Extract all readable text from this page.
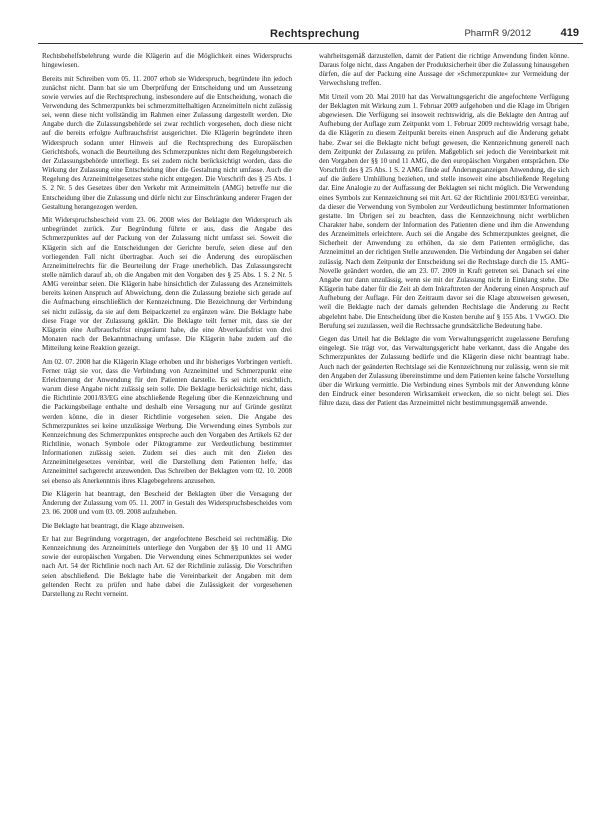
Rechtsprechung	PharmR 9/2012	419

Rechtsbehelfsbelehrung wurde die Klägerin auf die Möglichkeit eines Widerspruchs hingewiesen.

Bereits mit Schreiben vom 05. 11. 2007 erhob sie Widerspruch, begründete ihn jedoch zunächst nicht. Dann bat sie um Überprüfung der Entscheidung und um Aussetzung sowie verwies auf die Rechtsprechung, insbesondere auf die Entscheidung, wonach die Verwendung des Schmerzpunkts bei schmerzmittelhaltigen Arzneimitteln nicht zulässig sei, wenn diese nicht vollständig im Rahmen einer Zulassung dargestellt werden. Die Angabe durch die Zulassungsbehörde sei zwar rechtlich vorgesehen, doch diese nicht auf die bereits erfolgte Aufbrauchsfrist ausgerichtet. Die Klägerin begründete ihren Widerspruch sodann unter Hinweis auf die Rechtsprechung des Europäischen Gerichtshofs, wonach die Beurteilung des Schmerzpunktes nicht dem Regelungsbereich der Zulassungsbehörde unterliegt. Es sei zudem nicht berücksichtigt worden, dass die Wirkung der Zulassung eine Entscheidung über die Gestaltung nicht umfasse. Auch die Regelung des Arzneimittelgesetzes stehe nicht entgegen. Die Vorschrift des § 25 Abs. 1 S. 2 Nr. 5 des Gesetzes über den Verkehr mit Arzneimitteln (AMG) betreffe nur die Entscheidung über die Zulassung und dürfe nicht zur Einschränkung anderer Fragen der Gestaltung herangezogen werden.

Mit Widerspruchsbescheid vom 23. 06. 2008 wies der Beklagte den Widerspruch als unbegründet zurück. Zur Begründung führte er aus, dass die Angabe des Schmerzpunktes auf der Packung von der Zulassung nicht umfasst sei. Soweit die Klägerin sich auf die Entscheidungen der Gerichte berufe, seien diese auf den vorliegenden Fall nicht übertragbar. Auch sei die Änderung des europäischen Arzneimittelrechts für die Beurteilung der Frage unerheblich. Das Zulassungsrecht stelle nämlich darauf ab, ob die Angaben mit den Vorgaben des § 25 Abs. 1 S. 2 Nr. 5 AMG vereinbar seien. Die Klägerin habe hinsichtlich der Zulassung des Arzneimittels bereits keinen Anspruch auf Abweichung, denn die Zulassung beziehe sich gerade auf die Aufmachung einschließlich der Kennzeichnung. Die Bezeichnung der Verbindung sei nicht zulässig, da sie auf dem Beipackzettel zu ergänzen wäre. Die Beklagte habe diese Frage vor der Zulassung geklärt. Die Beklagte teilt ferner mit, dass sie der Klägerin eine Aufbrauchsfrist eingeräumt habe, die eine Abverkaufsfrist von drei Monaten nach der Bekanntmachung umfasse. Die Klägerin habe zudem auf die Mitteilung keine Reaktion gezeigt.

Am 02. 07. 2008 hat die Klägerin Klage erhoben und ihr bisheriges Vorbringen vertieft. Ferner trägt sie vor, dass die Verbindung von Arzneimittel und Schmerzpunkt eine Erleichterung der Anwendung für den Patienten darstelle. Es sei nicht ersichtlich, warum diese Angabe nicht zulässig sein solle. Die Beklagte berücksichtige nicht, dass die Richtlinie 2001/83/EG eine abschließende Regelung über die Kennzeichnung und die Packungsbeilage enthalte und deshalb eine Versagung nur auf Gründe gestützt werden könne, die in dieser Richtlinie vorgesehen seien. Die Angabe des Schmerzpunktes sei keine unzulässige Werbung. Die Verwendung eines Symbols zur Kennzeichnung des Schmerzpunktes entspreche auch den Vorgaben des Artikels 62 der Richtlinie, wonach Symbole oder Piktogramme zur Verdeutlichung bestimmter Informationen zulässig seien. Zudem sei dies auch mit den Zielen des Arzneimittelgesetzes vereinbar, weil die Darstellung dem Patienten helfe, das Arzneimittel sachgerecht anzuwenden. Das Schreiben der Beklagten vom 02. 10. 2008 sei ebenso als Anerkenntnis ihres Klagebegehrens anzusehen.

Die Klägerin hat beantragt, den Bescheid der Beklagten über die Versagung der Änderung der Zulassung vom 05. 11. 2007 in Gestalt des Widerspruchsbescheides vom 23. 06. 2008 und vom 03. 09. 2008 aufzuheben.

Die Beklagte hat beantragt, die Klage abzuweisen.

Er hat zur Begründung vorgetragen, der angefochtene Bescheid sei rechtmäßig. Die Kennzeichnung des Arzneimittels unterliege den Vorgaben der §§ 10 und 11 AMG sowie der europäischen Vorgaben. Die Verwendung eines Schmerzpunktes sei weder nach Art. 54 der Richtlinie noch nach Art. 62 der Richtlinie zulässig. Die Vorschriften seien abschließend. Die Beklagte habe die Vereinbarkeit der Angaben mit dem geltenden Recht zu prüfen und habe dabei die Zulässigkeit der vorgesehenen Darstellung zu Recht verneint.

wahrheitsgemäß darzustellen, damit der Patient die richtige Anwendung finden könne. Daraus folge nicht, dass Angaben der Produktsicherheit über die Zulassung hinausgehen dürfen, die auf der Packung eine Aussage der »Schmerzpunkte« zur Vermeidung der Verwechslung treffen.

Mit Urteil vom 20. Mai 2010 hat das Verwaltungsgericht die angefochtene Verfügung der Beklagten mit Wirkung zum 1. Februar 2009 aufgehoben und die Klage im Übrigen abgewiesen. Die Verfügung sei insoweit rechtswidrig, als die Beklagte den Antrag auf Aufhebung der Auflage zum Zeitpunkt vom 1. Februar 2009 rechtswidrig versagt habe, da die Klägerin zu diesem Zeitpunkt bereits einen Anspruch auf die Änderung gehabt habe. Zwar sei die Beklagte nicht befugt gewesen, die Kennzeichnung generell nach dem Zeitpunkt der Zulassung zu prüfen. Maßgeblich sei jedoch die Vereinbarkeit mit den Vorgaben der §§ 10 und 11 AMG, die den europäischen Vorgaben entsprächen. Die Vorschrift des § 25 Abs. 1 S. 2 AMG finde auf Änderungsanzeigen Anwendung, die sich auf die äußere Umhüllung beziehen, und stelle insoweit eine abschließende Regelung dar. Eine Analogie zu der Auffassung der Beklagten sei nicht möglich. Die Verwendung eines Symbols zur Kennzeichnung sei mit Art. 62 der Richtlinie 2001/83/EG vereinbar, da dieser die Verwendung von Symbolen zur Verdeutlichung bestimmter Informationen gestatte. Im Übrigen sei zu beachten, dass die Kennzeichnung nicht werblichen Charakter habe, sondern der Information des Patienten diene und ihm die Anwendung des Arzneimittels erleichtere. Auch sei die Angabe des Schmerzpunktes geeignet, die Sicherheit der Anwendung zu erhöhen, da sie dem Patienten ermögliche, das Arzneimittel an der richtigen Stelle anzuwenden. Die Verbindung der Angaben sei daher zulässig. Nach dem Zeitpunkt der Entscheidung sei die Rechtslage durch die 15. AMG-Novelle geändert worden, die am 23. 07. 2009 in Kraft getreten sei. Danach sei eine Angabe nur dann unzulässig, wenn sie mit der Zulassung nicht in Einklang stehe. Die Klägerin habe daher für die Zeit ab dem Inkrafttreten der Änderung einen Anspruch auf Aufhebung der Auflage. Für den Zeitraum davor sei die Klage abzuweisen gewesen, weil die Beklagte nach der damals geltenden Rechtslage die Änderung zu Recht abgelehnt habe. Die Entscheidung über die Kosten beruhe auf § 155 Abs. 1 VwGO. Die Berufung sei zuzulassen, weil die Rechtssache grundsätzliche Bedeutung habe.

Gegen das Urteil hat die Beklagte die vom Verwaltungsgericht zugelassene Berufung eingelegt. Sie trägt vor, das Verwaltungsgericht habe verkannt, dass die Angabe des Schmerzpunktes der Zulassung bedürfe und die Klägerin diese nicht beantragt habe. Auch nach der geänderten Rechtslage sei die Kennzeichnung nur zulässig, wenn sie mit den Angaben der Zulassung übereinstimme und dem Patienten keine falsche Vorstellung über die Wirkung vermittle. Die Verbindung eines Symbols mit der Anwendung könne den Eindruck einer besonderen Wirksamkeit erwecken, die so nicht belegt sei. Dies führe dazu, dass der Patient das Arzneimittel nicht bestimmungsgemäß anwende.
